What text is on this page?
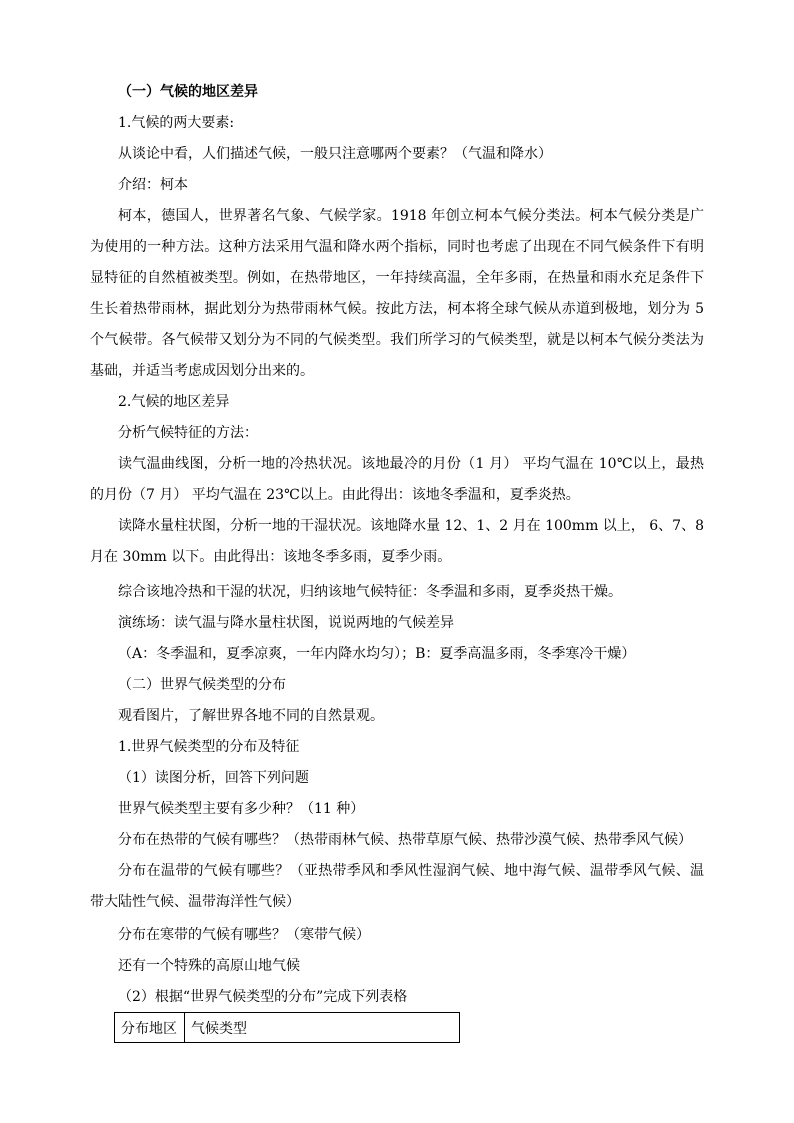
（一）气候的地区差异
1.气候的两大要素:
从谈论中看，人们描述气候，一般只注意哪两个要素？（气温和降水）
介绍：柯本
柯本，德国人，世界著名气象、气候学家。1918 年创立柯本气候分类法。柯本气候分类是广为使用的一种方法。这种方法采用气温和降水两个指标，同时也考虑了出现在不同气候条件下有明显特征的自然植被类型。例如，在热带地区，一年持续高温，全年多雨，在热量和雨水充足条件下生长着热带雨林，据此划分为热带雨林气候。按此方法，柯本将全球气候从赤道到极地，划分为 5 个气候带。各气候带又划分为不同的气候类型。我们所学习的气候类型，就是以柯本气候分类法为基础，并适当考虑成因划分出来的。
2.气候的地区差异
分析气候特征的方法：
读气温曲线图，分析一地的冷热状况。该地最冷的月份（1 月） 平均气温在 10℃以上，最热的月份（7 月） 平均气温在 23℃以上。由此得出：该地冬季温和，夏季炎热。
读降水量柱状图，分析一地的干湿状况。该地降水量 12、1、2 月在 100mm 以上， 6、7、8 月在 30mm 以下。由此得出：该地冬季多雨，夏季少雨。
综合该地冷热和干湿的状况，归纳该地气候特征：冬季温和多雨，夏季炎热干燥。
演练场：读气温与降水量柱状图，说说两地的气候差异
（A：冬季温和，夏季凉爽，一年内降水均匀）；B：夏季高温多雨，冬季寒冷干燥）
（二）世界气候类型的分布
观看图片，了解世界各地不同的自然景观。
1.世界气候类型的分布及特征
（1）读图分析，回答下列问题
世界气候类型主要有多少种？（11 种）
分布在热带的气候有哪些？（热带雨林气候、热带草原气候、热带沙漠气候、热带季风气候）
分布在温带的气候有哪些？（亚热带季风和季风性湿润气候、地中海气候、温带季风气候、温带大陆性气候、温带海洋性气候）
分布在寒带的气候有哪些？（寒带气候）
还有一个特殊的高原山地气候
（2）根据“世界气候类型的分布”完成下列表格
分布地区	气候类型
